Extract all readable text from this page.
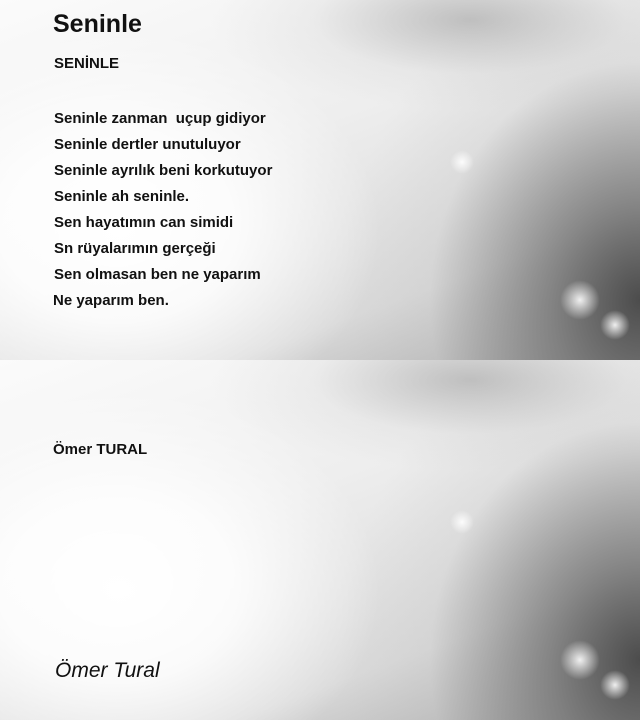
Seninle
SENİNLE
Seninle zanman  uçup gidiyor
Seninle dertler unutuluyor
Seninle ayrılık beni korkutuyor
Seninle ah seninle.
Sen hayatımın can simidi
Sn rüyalarımın gerçeği
Sen olmasan ben ne yaparım
Ne yaparım ben.
Ömer TURAL
Ömer Tural
